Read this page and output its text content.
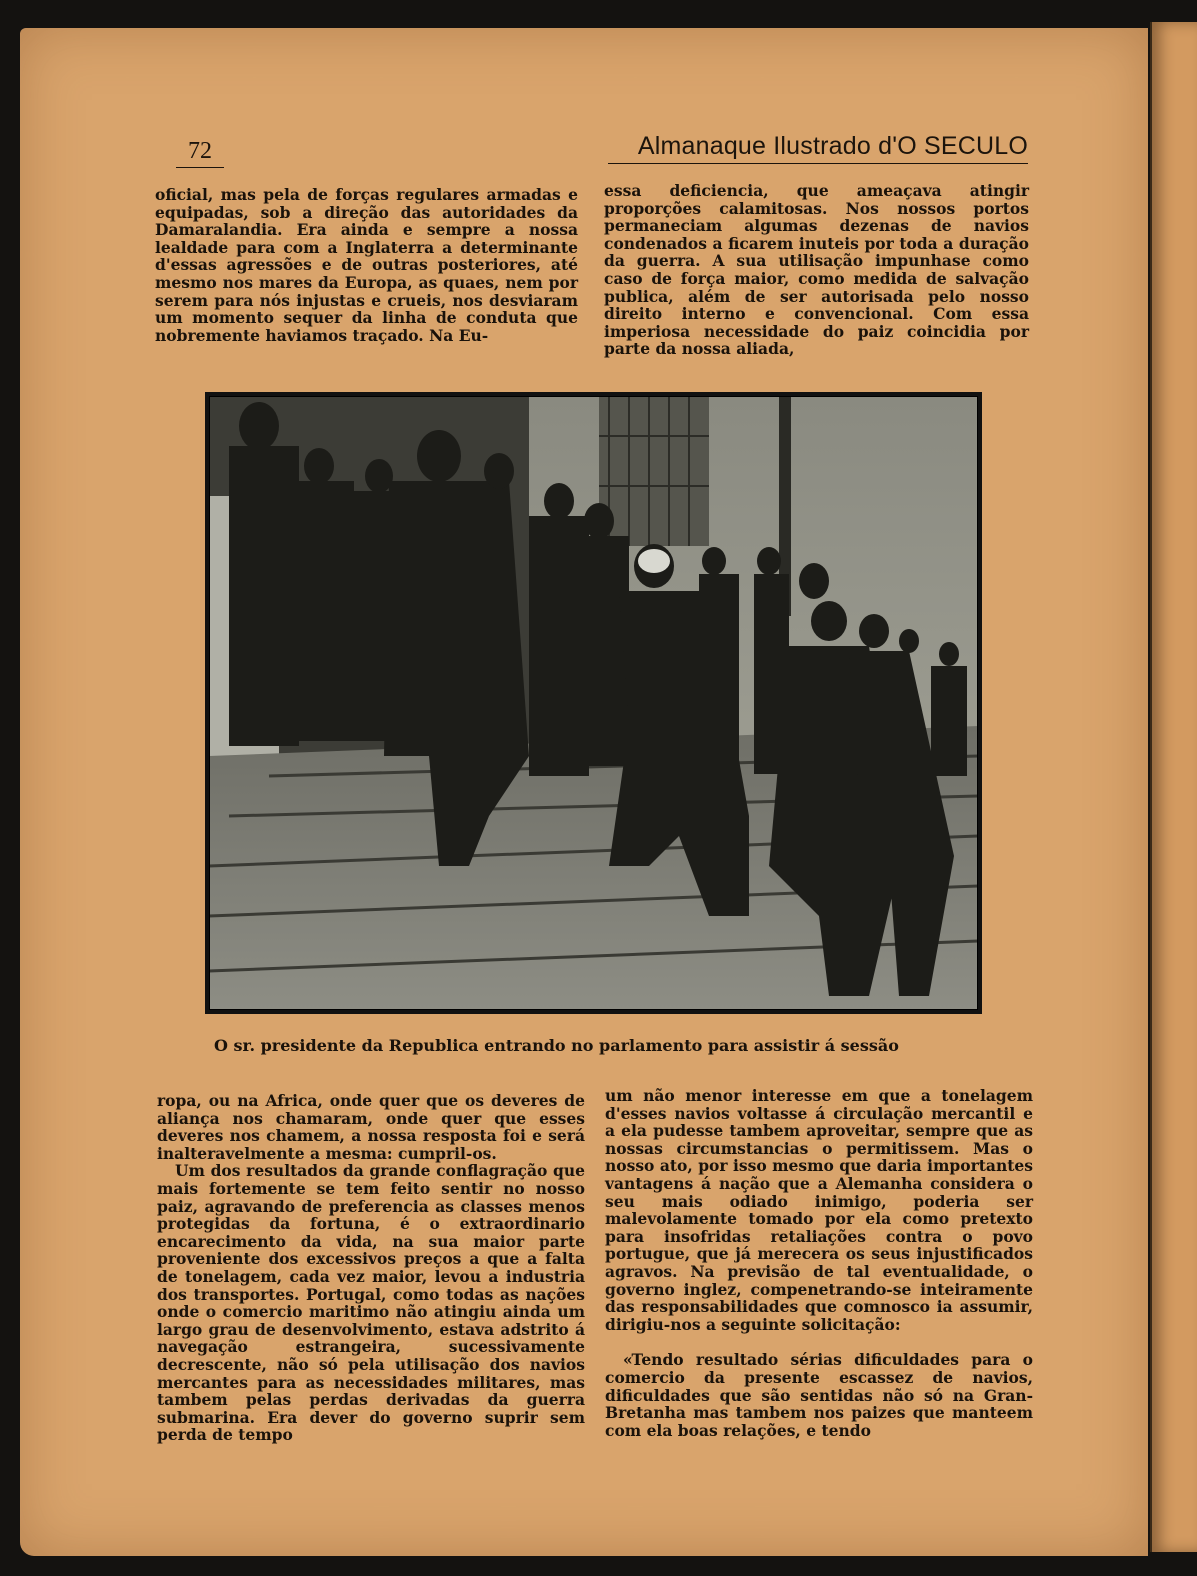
72	Almanaque Ilustrado d'O SECULO

oficial, mas pela de forças regulares armadas e equipadas, sob a direção das autoridades da Damaralandia. Era ainda e sempre a nossa lealdade para com a Inglaterra a determinante d'essas agressões e de outras posteriores, até mesmo nos mares da Europa, as quaes, nem por serem para nós injustas e crueis, nos desviaram um momento sequer da linha de conduta que nobremente haviamos traçado. Na Eu-

essa deficiencia, que ameaçava atingir proporções calamitosas. Nos nossos portos permaneciam algumas dezenas de navios condenados a ficarem inuteis por toda a duração da guerra. A sua utilisação impunhase como caso de força maior, como medida de salvação publica, além de ser autorisada pelo nosso direito interno e convencional. Com essa imperiosa necessidade do paiz coincidia por parte da nossa aliada,

O sr. presidente da Republica entrando no parlamento para assistir á sessão

ropa, ou na Africa, onde quer que os deveres de aliança nos chamaram, onde quer que esses deveres nos chamem, a nossa resposta foi e será inalteravelmente a mesma: cumpril-os.

Um dos resultados da grande conflagração que mais fortemente se tem feito sentir no nosso paiz, agravando de preferencia as classes menos protegidas da fortuna, é o extraordinario encarecimento da vida, na sua maior parte proveniente dos excessivos preços a que a falta de tonelagem, cada vez maior, levou a industria dos transportes. Portugal, como todas as nações onde o comercio maritimo não atingiu ainda um largo grau de desenvolvimento, estava adstrito á navegação estrangeira, sucessivamente decrescente, não só pela utilisação dos navios mercantes para as necessidades militares, mas tambem pelas perdas derivadas da guerra submarina. Era dever do governo suprir sem perda de tempo

um não menor interesse em que a tonelagem d'esses navios voltasse á circulação mercantil e a ela pudesse tambem aproveitar, sempre que as nossas circumstancias o permitissem. Mas o nosso ato, por isso mesmo que daria importantes vantagens á nação que a Alemanha considera o seu mais odiado inimigo, poderia ser malevolamente tomado por ela como pretexto para insofridas retaliações contra o povo portugue, que já merecera os seus injustificados agravos. Na previsão de tal eventualidade, o governo inglez, compenetrando-se inteiramente das responsabilidades que comnosco ia assumir, dirigiu-nos a seguinte solicitação:

«Tendo resultado sérias dificuldades para o comercio da presente escassez de navios, dificuldades que são sentidas não só na Gran-Bretanha mas tambem nos paizes que manteem com ela boas relações, e tendo
